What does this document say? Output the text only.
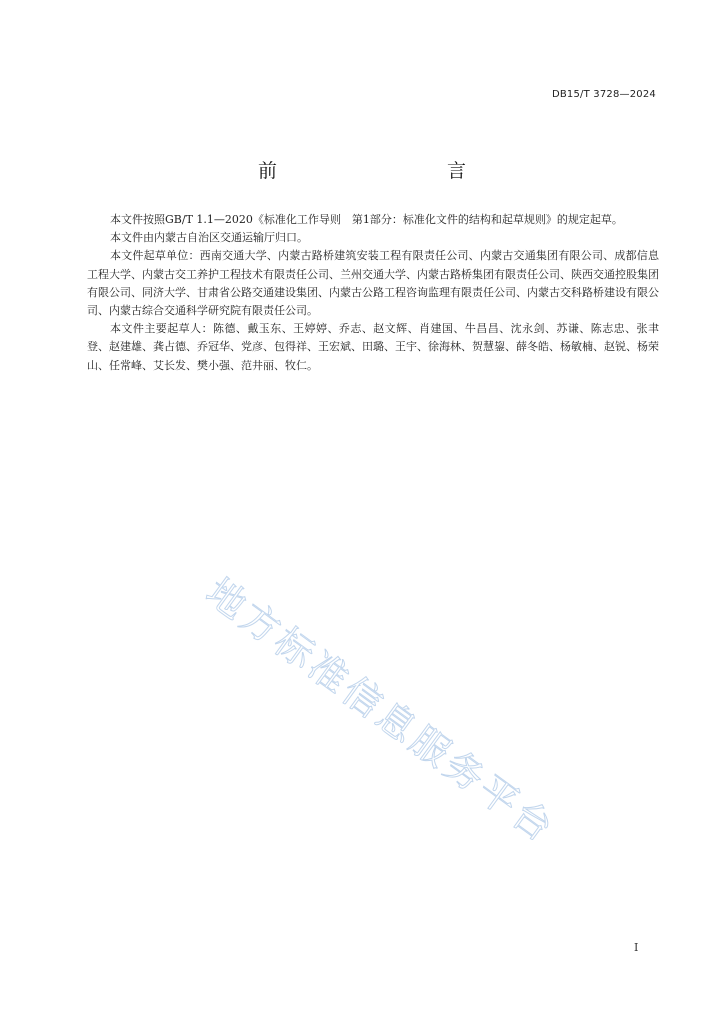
DB15/T 3728—2024
前　　言

本文件按照GB/T 1.1—2020《标准化工作导则　第1部分：标准化文件的结构和起草规则》的规定起草。

本文件由内蒙古自治区交通运输厅归口。

本文件起草单位：西南交通大学、内蒙古路桥建筑安装工程有限责任公司、内蒙古交通集团有限公司、成都信息工程大学、内蒙古交工养护工程技术有限责任公司、兰州交通大学、内蒙古路桥集团有限责任公司、陕西交通控股集团有限公司、同济大学、甘肃省公路交通建设集团、内蒙古公路工程咨询监理有限责任公司、内蒙古交科路桥建设有限公司、内蒙古综合交通科学研究院有限责任公司。

本文件主要起草人：陈德、戴玉东、王婷婷、乔志、赵文辉、肖建国、牛昌昌、沈永剑、苏谦、陈志忠、张聿登、赵建雄、龚占德、乔冠华、党彦、包得祥、王宏斌、田璐、王宇、徐海林、贺慧鋆、薛冬皓、杨敏楠、赵锐、杨荣山、任常峰、艾长发、樊小强、范井丽、牧仁。

地方标准信息服务平台
I
